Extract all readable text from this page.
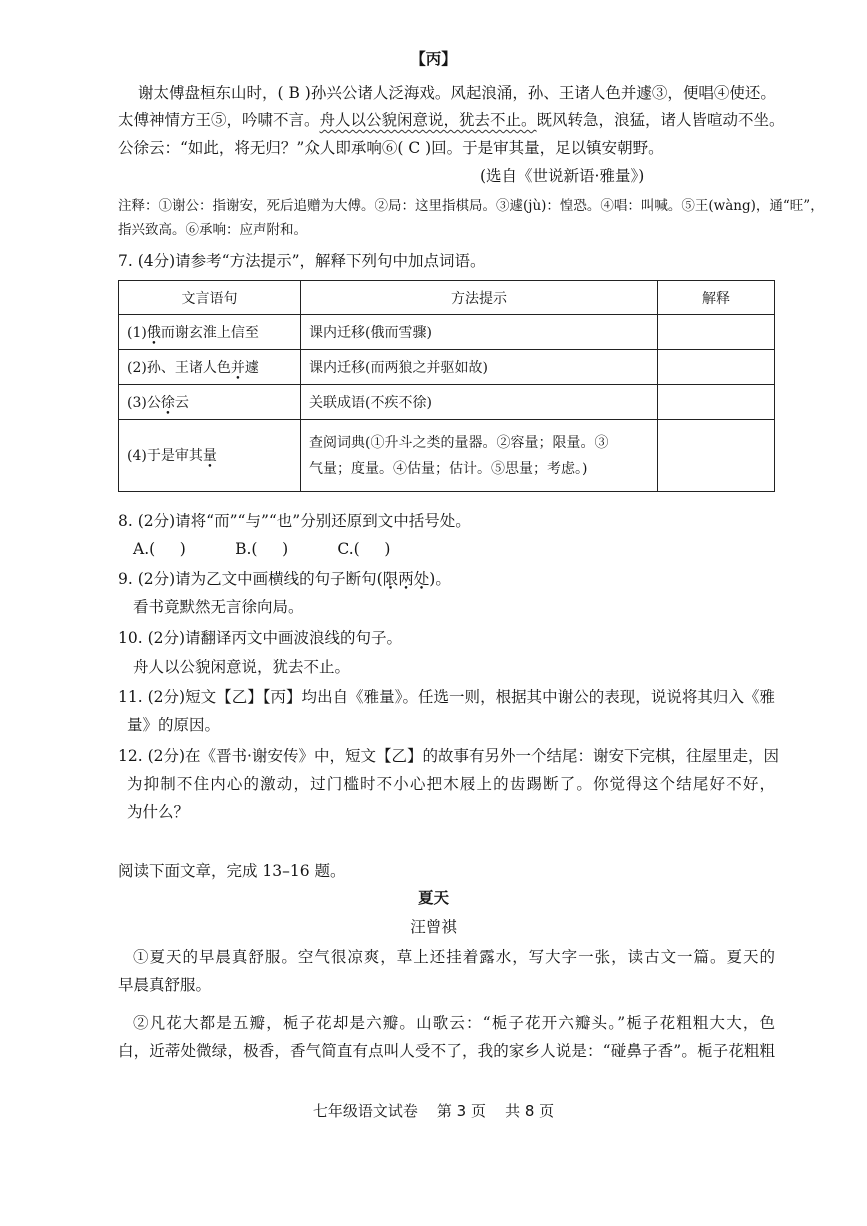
【丙】
谢太傅盘桓东山时，( B )孙兴公诸人泛海戏。风起浪涌，孙、王诸人色并遽③，便唱④使还。
太傅神情方王⑤，吟啸不言。舟人以公貌闲意说，犹去不止。既风转急，浪猛，诸人皆喧动不坐。
公徐云：“如此，将无归？”众人即承响⑥( C )回。于是审其量，足以镇安朝野。
(选自《世说新语·雅量》)
注释：①谢公：指谢安，死后追赠为大傅。②局：这里指棋局。③遽(jù)：惶恐。④唱：叫喊。⑤王(wàng)，通“旺”，
指兴致高。⑥承响：应声附和。
7. (4分)请参考“方法提示”，解释下列句中加点词语。
文言语句	方法提示	解释
(1)俄而谢玄淮上信至	课内迁移(俄而雪骤)	
(2)孙、王诸人色并遽	课内迁移(而两狼之并驱如故)	
(3)公徐云	关联成语(不疾不徐)	
(4)于是审其量	查阅词典(①升斗之类的量器。②容量；限量。③
气量；度量。④估量；估计。⑤思量；考虑。)	

8. (2分)请将“而”“与”“也”分别还原到文中括号处。
A.(     )          B.(     )          C.(     )
9. (2分)请为乙文中画横线的句子断句(限两处)。
看书竟默然无言徐向局。
10. (2分)请翻译丙文中画波浪线的句子。
舟人以公貌闲意说，犹去不止。
11. (2分)短文【乙】【丙】均出自《雅量》。任选一则，根据其中谢公的表现，说说将其归入《雅
量》的原因。
12. (2分)在《晋书·谢安传》中，短文【乙】的故事有另外一个结尾：谢安下完棋，往屋里走，因
为抑制不住内心的激动，过门槛时不小心把木屐上的齿踢断了。你觉得这个结尾好不好，
为什么？
阅读下面文章，完成 13–16 题。
夏天
汪曾祺
①夏天的早晨真舒服。空气很凉爽，草上还挂着露水，写大字一张，读古文一篇。夏天的
早晨真舒服。
②凡花大都是五瓣，栀子花却是六瓣。山歌云：“栀子花开六瓣头。”栀子花粗粗大大，色
白，近蒂处微绿，极香，香气简直有点叫人受不了，我的家乡人说是：“碰鼻子香”。栀子花粗粗
七年级语文试卷 第 3 页 共 8 页
